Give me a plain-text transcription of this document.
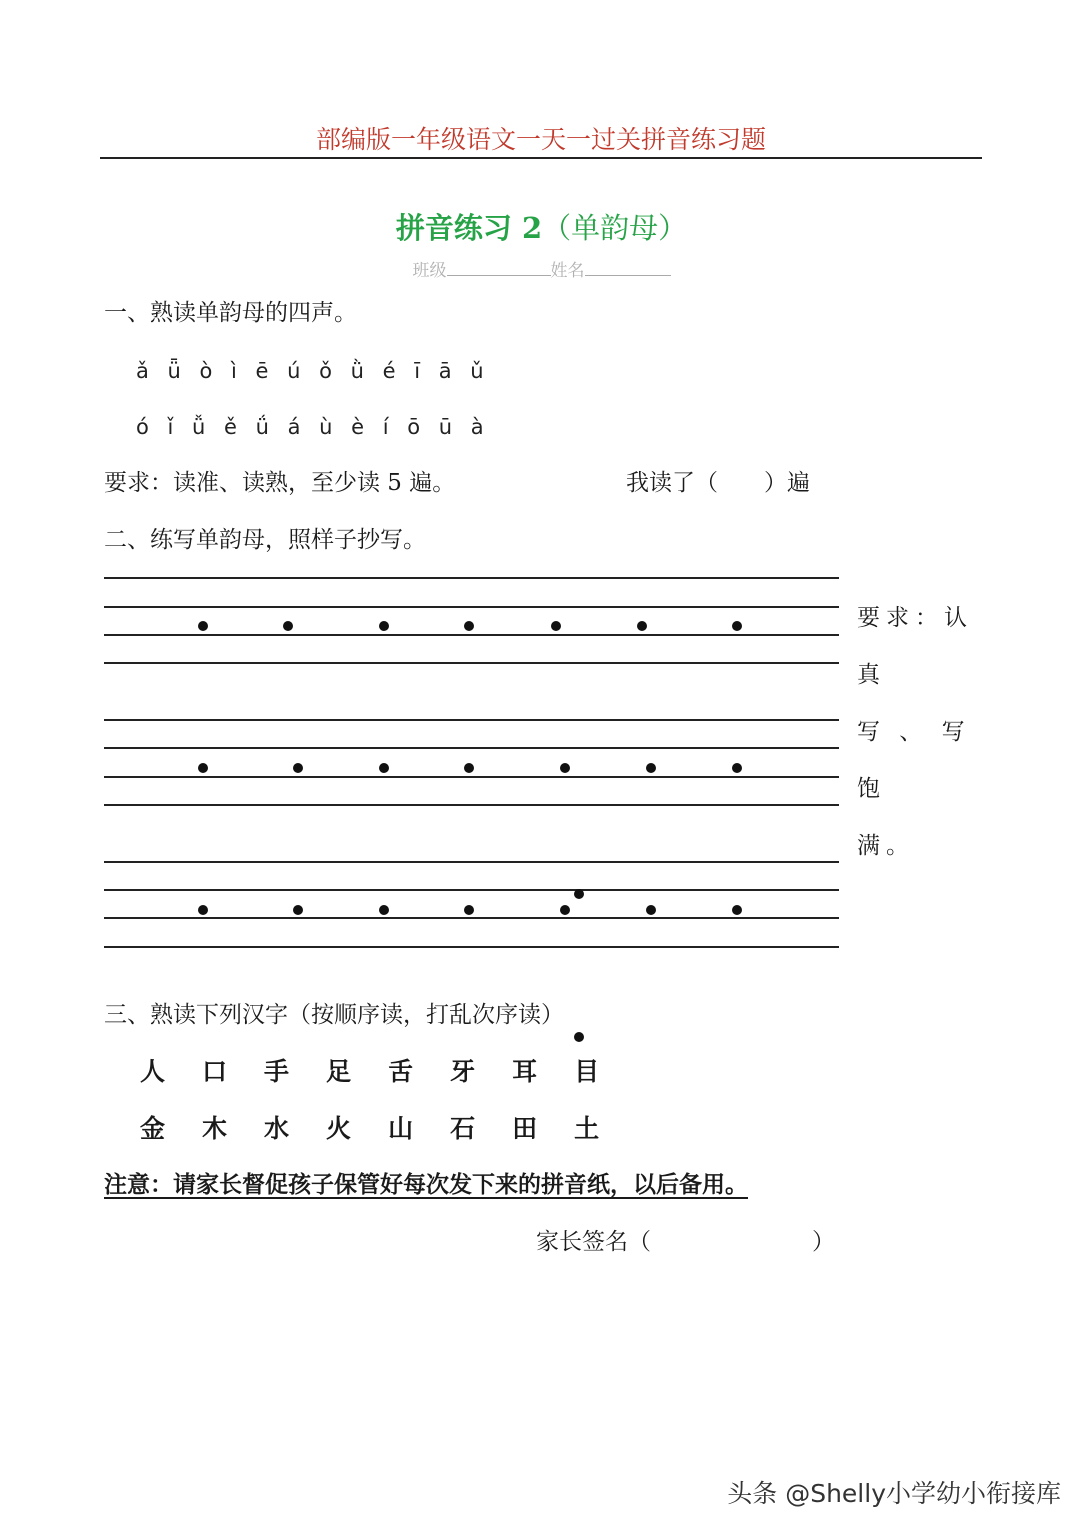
部编版一年级语文一天一过关拼音练习题
拼音练习 2（单韵母）
班级	姓名
一、熟读单韵母的四声。
ǎ ǖ ò ì ē ú ǒ ǜ é ī ā ǔ
ó ǐ ǚ ě ǘ á ù è í ō ū à
要求：读准、读熟，至少读 5 遍。	我读了（　　）遍
二、练写单韵母，照样子抄写。
要求：认真
写 、 写饱
满。
三、熟读下列汉字（按顺序读，打乱次序读）
人 口 手 足 舌 牙 耳 目
金 木 水 火 山 石 田 土
注意：请家长督促孩子保管好每次发下来的拼音纸，以后备用。
家长签名（　　　　　　　）
头条 @Shelly小学幼小衔接库
